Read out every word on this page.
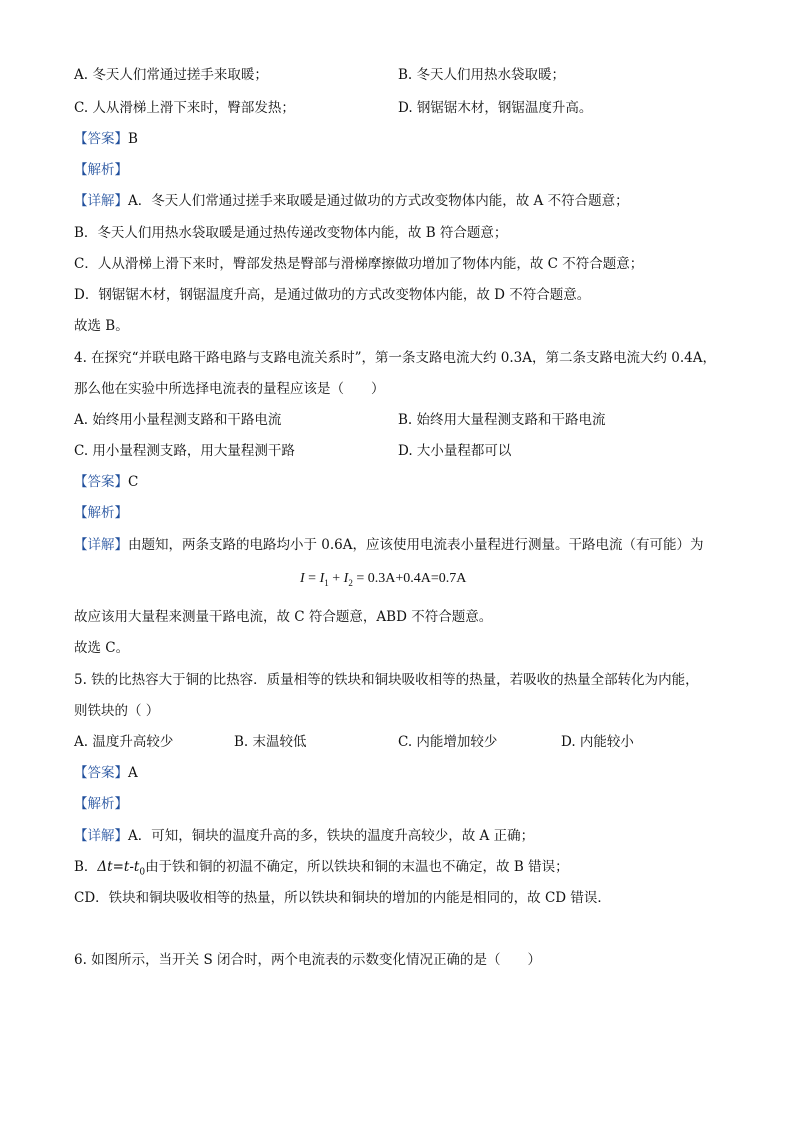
A. 冬天人们常通过搓手来取暖；	B. 冬天人们用热水袋取暖；
C. 人从滑梯上滑下来时，臀部发热；	D. 钢锯锯木材，钢锯温度升高。
【答案】B
【解析】
【详解】A．冬天人们常通过搓手来取暖是通过做功的方式改变物体内能，故 A 不符合题意；
B．冬天人们用热水袋取暖是通过热传递改变物体内能，故 B 符合题意；
C．人从滑梯上滑下来时，臀部发热是臀部与滑梯摩擦做功增加了物体内能，故 C 不符合题意；
D．钢锯锯木材，钢锯温度升高，是通过做功的方式改变物体内能，故 D 不符合题意。
故选 B。
4. 在探究“并联电路干路电路与支路电流关系时”，第一条支路电流大约 0.3A，第二条支路电流大约 0.4A，
那么他在实验中所选择电流表的量程应该是（　　）
A. 始终用小量程测支路和干路电流	B. 始终用大量程测支路和干路电流
C. 用小量程测支路，用大量程测干路	D. 大小量程都可以
【答案】C
【解析】
【详解】由题知，两条支路的电路均小于 0.6A，应该使用电流表小量程进行测量。干路电流（有可能）为
$I = I_1 + I_2 = 0.3A+0.4A=0.7A$
故应该用大量程来测量干路电流，故 C 符合题意，ABD 不符合题意。
故选 C。
5. 铁的比热容大于铜的比热容．质量相等的铁块和铜块吸收相等的热量，若吸收的热量全部转化为内能，
则铁块的（ ）
A. 温度升高较少	B. 末温较低	C. 内能增加较少	D. 内能较小
【答案】A
【解析】
【详解】A．可知，铜块的温度升高的多，铁块的温度升高较少，故 A 正确；
B．$\Delta t=t-t_0$由于铁和铜的初温不确定，所以铁块和铜的末温也不确定，故 B 错误；
CD．铁块和铜块吸收相等的热量，所以铁块和铜块的增加的内能是相同的，故 CD 错误．
6. 如图所示，当开关 S 闭合时，两个电流表的示数变化情况正确的是（　　）
